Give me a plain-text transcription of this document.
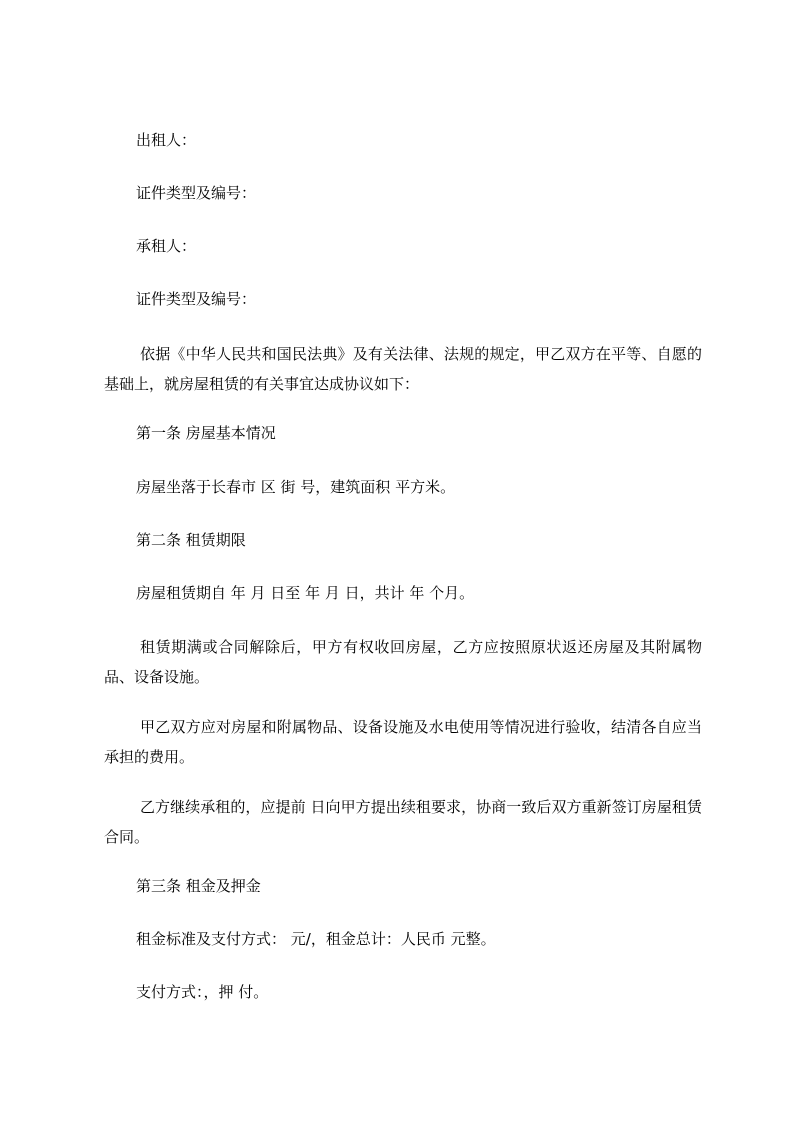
出租人：

证件类型及编号：

承租人：

证件类型及编号：

依据《中华人民共和国民法典》及有关法律、法规的规定，甲乙双方在平等、自愿的基础上，就房屋租赁的有关事宜达成协议如下：

第一条 房屋基本情况

房屋坐落于长春市 区 街 号，建筑面积 平方米。

第二条 租赁期限

房屋租赁期自 年 月 日至 年 月 日，共计 年 个月。

租赁期满或合同解除后，甲方有权收回房屋，乙方应按照原状返还房屋及其附属物品、设备设施。

甲乙双方应对房屋和附属物品、设备设施及水电使用等情况进行验收，结清各自应当承担的费用。

乙方继续承租的，应提前 日向甲方提出续租要求，协商一致后双方重新签订房屋租赁合同。

第三条 租金及押金

租金标准及支付方式： 元/，租金总计：人民币 元整。

支付方式：，押 付。
